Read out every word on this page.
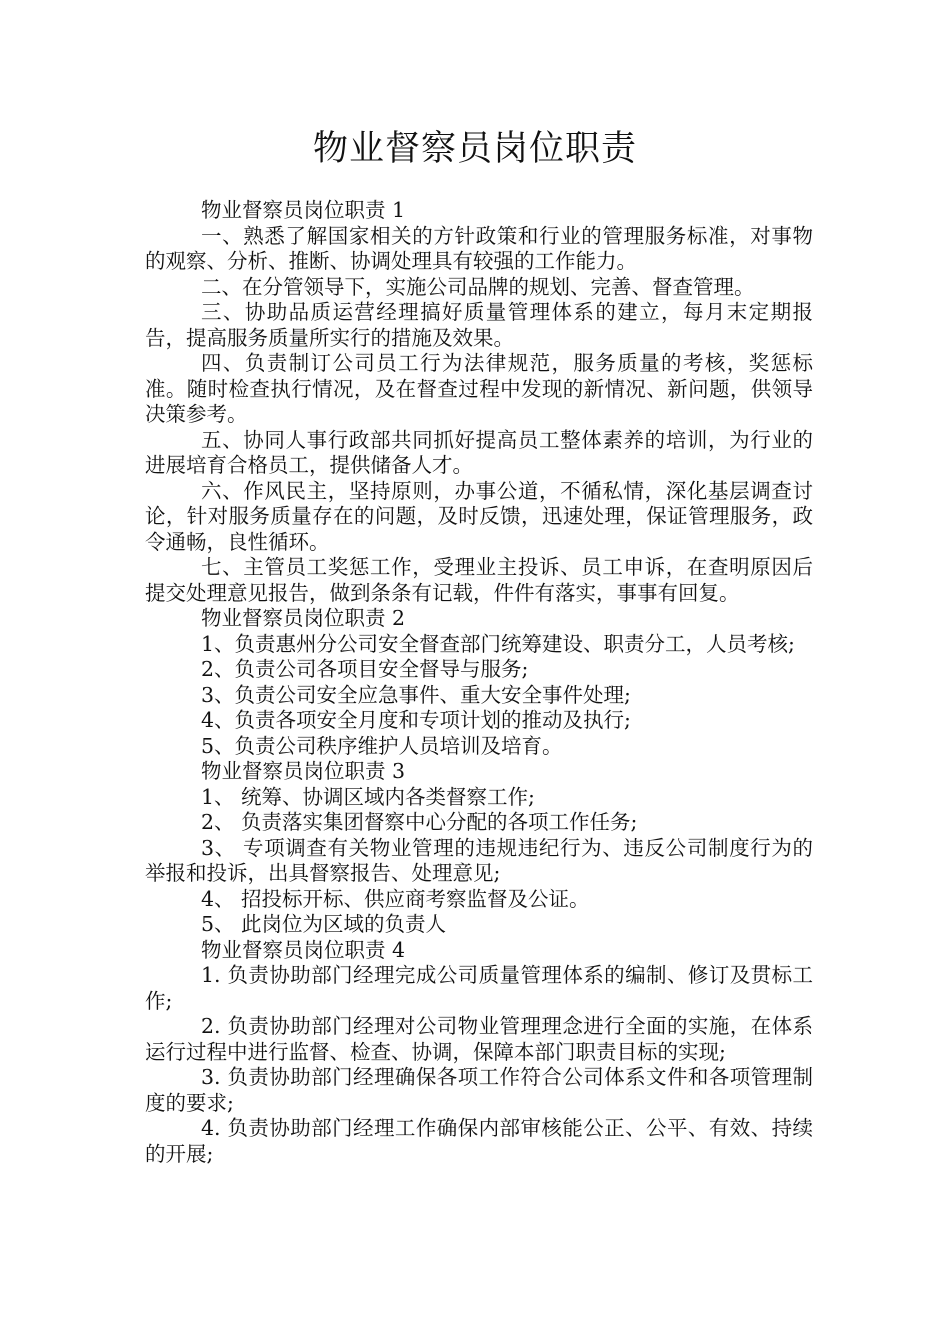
物业督察员岗位职责

物业督察员岗位职责 1

一、熟悉了解国家相关的方针政策和行业的管理服务标准，对事物的观察、分析、推断、协调处理具有较强的工作能力。

二、在分管领导下，实施公司品牌的规划、完善、督查管理。

三、协助品质运营经理搞好质量管理体系的建立，每月末定期报告，提高服务质量所实行的措施及效果。

四、负责制订公司员工行为法律规范，服务质量的考核，奖惩标准。随时检查执行情况，及在督查过程中发现的新情况、新问题，供领导决策参考。

五、协同人事行政部共同抓好提高员工整体素养的培训，为行业的进展培育合格员工，提供储备人才。

六、作风民主，坚持原则，办事公道，不循私情，深化基层调查讨论，针对服务质量存在的问题，及时反馈，迅速处理，保证管理服务，政令通畅，良性循环。

七、主管员工奖惩工作，受理业主投诉、员工申诉，在查明原因后提交处理意见报告，做到条条有记载，件件有落实，事事有回复。

物业督察员岗位职责 2

1、负责惠州分公司安全督查部门统筹建设、职责分工，人员考核;

2、负责公司各项目安全督导与服务;

3、负责公司安全应急事件、重大安全事件处理;

4、负责各项安全月度和专项计划的推动及执行;

5、负责公司秩序维护人员培训及培育。

物业督察员岗位职责 3

1、 统筹、协调区域内各类督察工作;

2、 负责落实集团督察中心分配的各项工作任务;

3、 专项调查有关物业管理的违规违纪行为、违反公司制度行为的举报和投诉，出具督察报告、处理意见;

4、 招投标开标、供应商考察监督及公证。

5、 此岗位为区域的负责人

物业督察员岗位职责 4

1. 负责协助部门经理完成公司质量管理体系的编制、修订及贯标工作;

2. 负责协助部门经理对公司物业管理理念进行全面的实施，在体系运行过程中进行监督、检查、协调，保障本部门职责目标的实现;

3. 负责协助部门经理确保各项工作符合公司体系文件和各项管理制度的要求;

4. 负责协助部门经理工作确保内部审核能公正、公平、有效、持续的开展;
